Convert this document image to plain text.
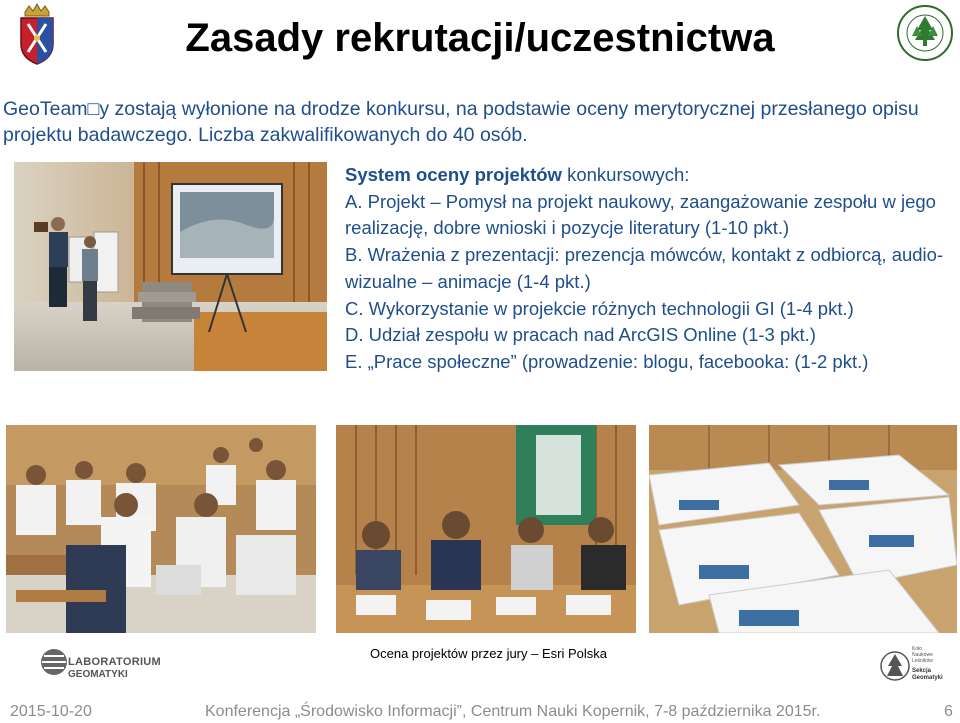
Zasady rekrutacji/uczestnictwa
GeoTeam□y zostają wyłonione na drodze konkursu, na podstawie oceny merytorycznej przesłanego opisu projektu badawczego. Liczba zakwalifikowanych do 40 osób.
System oceny projektów konkursowych:
A. Projekt – Pomysł na projekt naukowy, zaangażowanie zespołu w jego realizację, dobre wnioski i pozycje literatury (1-10 pkt.)
B. Wrażenia z prezentacji: prezencja mówców, kontakt z odbiorcą, audio-wizualne – animacje (1-4 pkt.)
C. Wykorzystanie w projekcie różnych technologii GI (1-4 pkt.)
D. Udział zespołu w pracach nad ArcGIS Online (1-3 pkt.)
E. „Prace społeczne” (prowadzenie: blogu, facebooka: (1-2 pkt.)
Ocena projektów przez jury – Esri Polska
LABORATORIUM
GEOMATYKI
Koło
Naukowe
Leśników
Sekcja
Geomatyki
2015-10-20	Konferencja „Środowisko Informacji”, Centrum Nauki Kopernik, 7-8 października 2015r.	6
